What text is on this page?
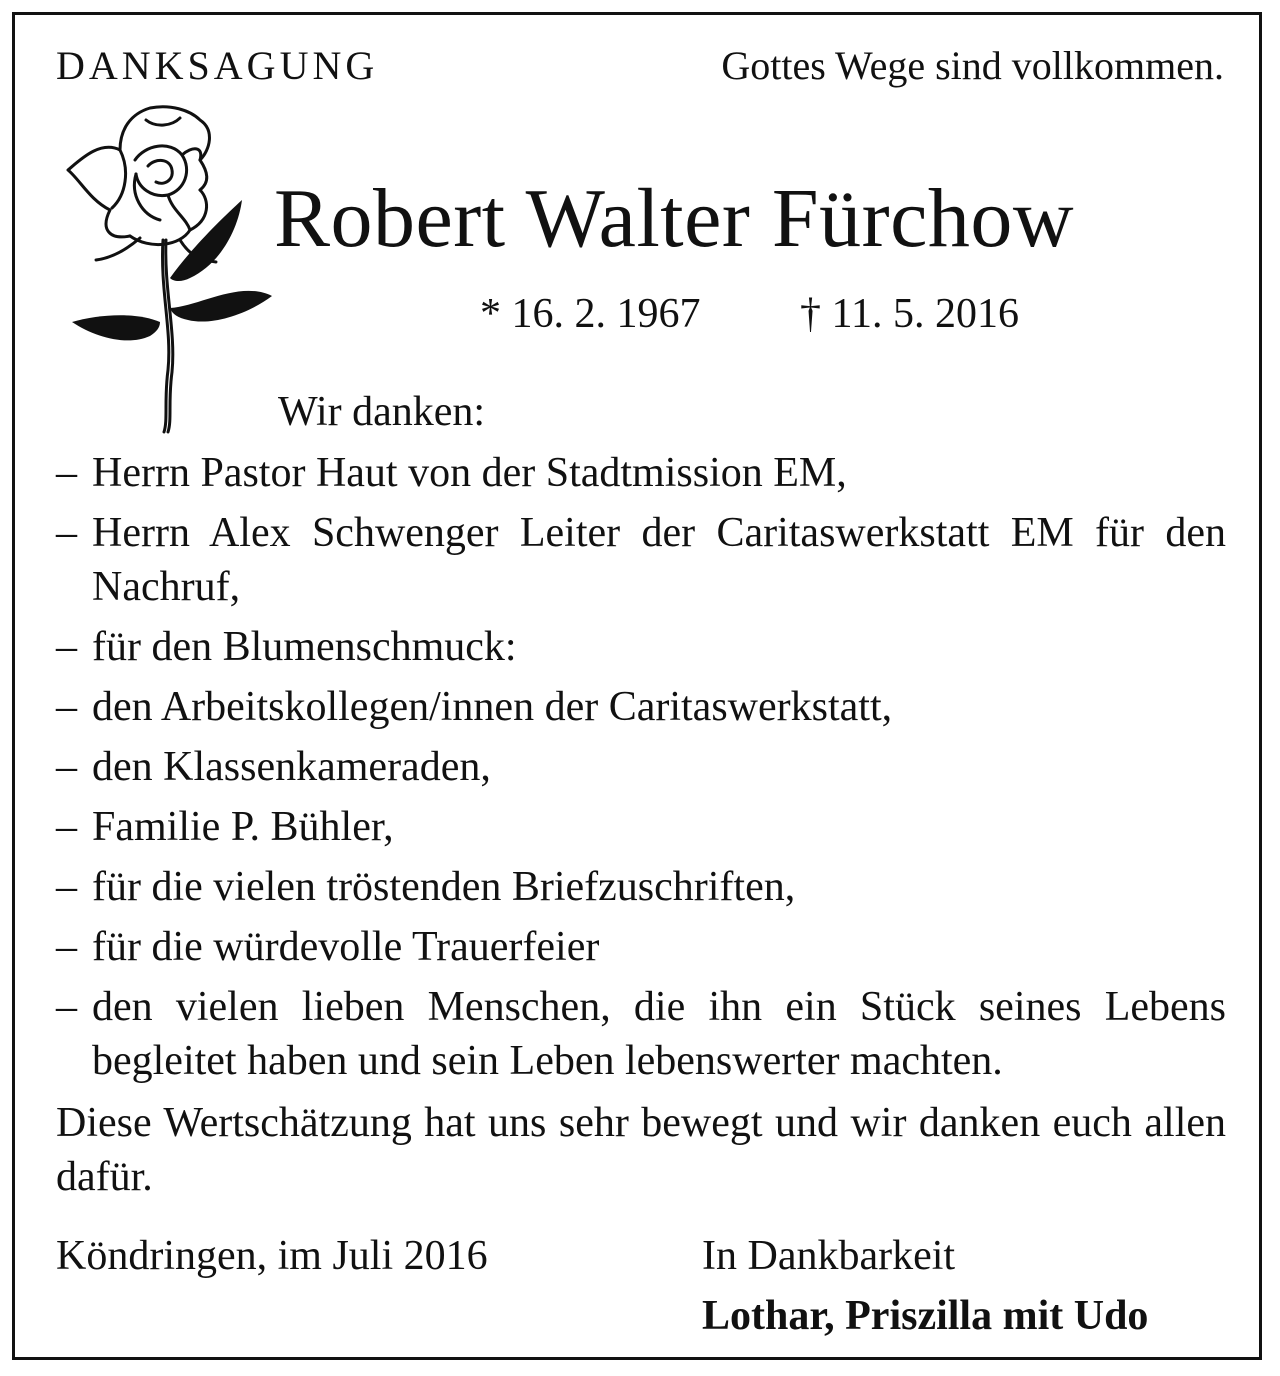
DANKSAGUNG	Gottes Wege sind vollkommen.
Robert Walter Fürchow
* 16. 2. 1967 † 11. 5. 2016
Wir danken:
– Herrn Pastor Haut von der Stadtmission EM,
– Herrn Alex Schwenger Leiter der Caritaswerkstatt EM für den Nachruf,
– für den Blumenschmuck:
– den Arbeitskollegen/innen der Caritaswerkstatt,
– den Klassenkameraden,
– Familie P. Bühler,
– für die vielen tröstenden Briefzuschriften,
– für die würdevolle Trauerfeier
– den vielen lieben Menschen, die ihn ein Stück seines Lebens begleitet haben und sein Leben lebenswerter machten.
Diese Wertschätzung hat uns sehr bewegt und wir danken euch allen dafür.
Köndringen, im Juli 2016	In Dankbarkeit
Lothar, Priszilla mit Udo
